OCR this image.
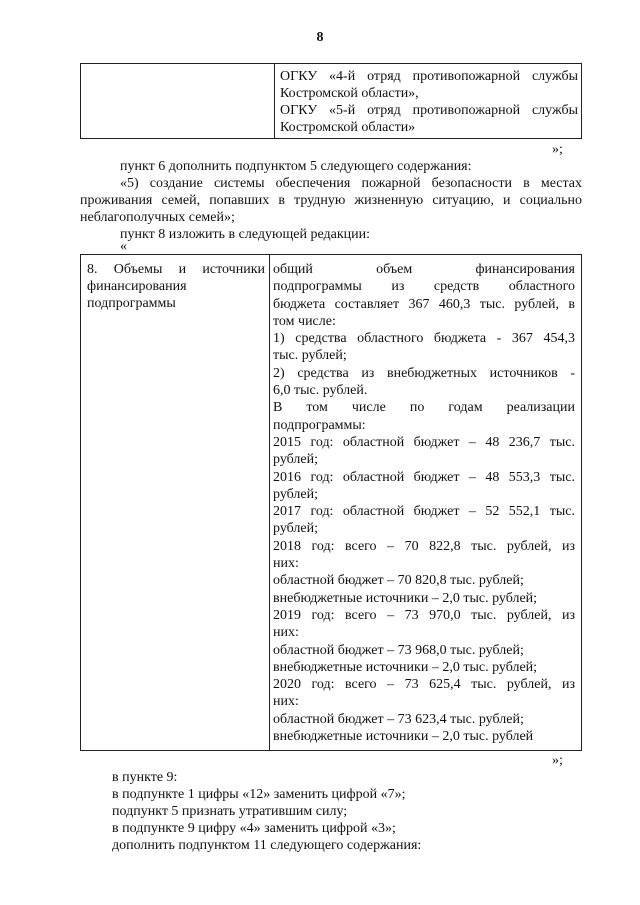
8
ОГКУ «4-й отряд противопожарной службы
Костромской области»,
ОГКУ «5-й отряд противопожарной службы
Костромской области»
»;
пункт 6 дополнить подпунктом 5 следующего содержания:
«5) создание системы обеспечения пожарной безопасности в местах проживания семей, попавших в трудную жизненную ситуацию, и социально неблагополучных семей»;
пункт 8 изложить в следующей редакции:
«
8. Объемы и источники
финансирования
подпрограммы
общий объем финансирования
подпрограммы из средств областного
бюджета составляет 367 460,3 тыс. рублей, в
том числе:
1) средства областного бюджета - 367 454,3
тыс. рублей;
2) средства из внебюджетных источников -
6,0 тыс. рублей.
В том числе по годам реализации
подпрограммы:
2015 год: областной бюджет – 48 236,7 тыс.
рублей;
2016 год: областной бюджет – 48 553,3 тыс.
рублей;
2017 год: областной бюджет – 52 552,1 тыс.
рублей;
2018 год: всего – 70 822,8 тыс. рублей, из
них:
областной бюджет – 70 820,8 тыс. рублей;
внебюджетные источники – 2,0 тыс. рублей;
2019 год: всего – 73 970,0 тыс. рублей, из
них:
областной бюджет – 73 968,0 тыс. рублей;
внебюджетные источники – 2,0 тыс. рублей;
2020 год: всего – 73 625,4 тыс. рублей, из
них:
областной бюджет – 73 623,4 тыс. рублей;
внебюджетные источники – 2,0 тыс. рублей
»;
в пункте 9:
в подпункте 1 цифры «12» заменить цифрой «7»;
подпункт 5 признать утратившим силу;
в подпункте 9 цифру «4» заменить цифрой «3»;
дополнить подпунктом 11 следующего содержания:
